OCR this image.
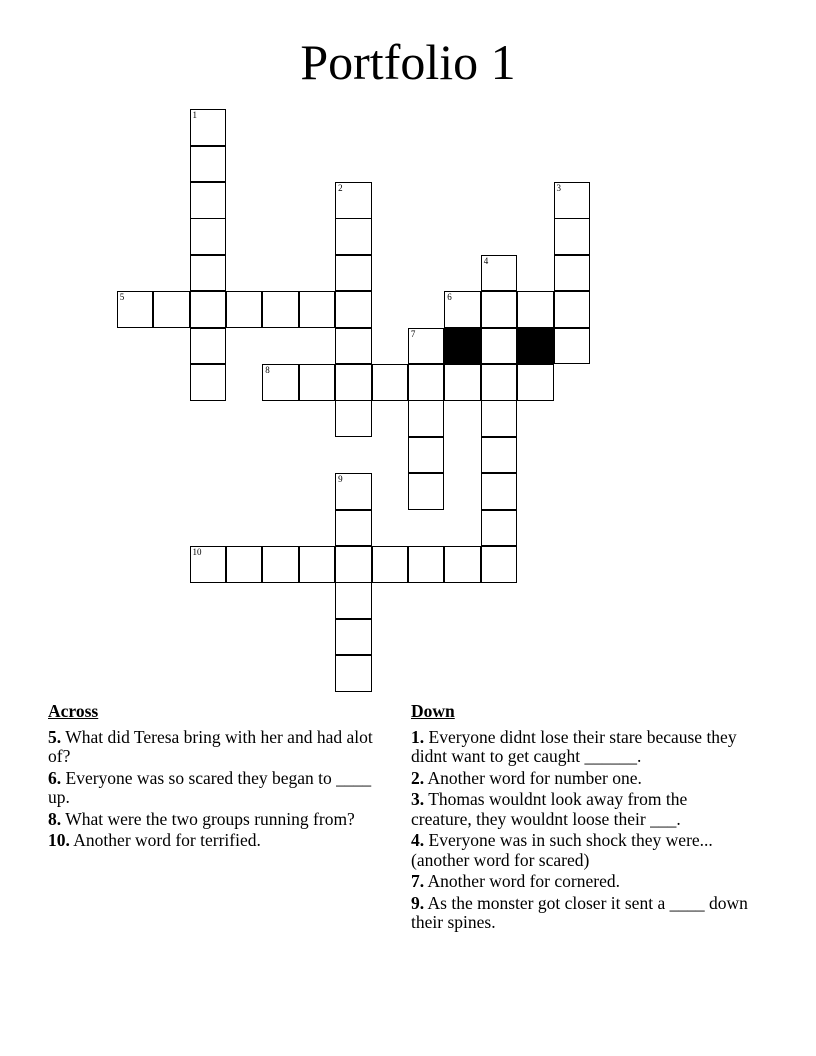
Portfolio 1
1
2	3
4
5	6
7
8
9
10
Across
5. What did Teresa bring with her and had alot of?
6. Everyone was so scared they began to ____ up.
8. What were the two groups running from?
10. Another word for terrified.
Down
1. Everyone didnt lose their stare because they didnt want to get caught ______.
2. Another word for number one.
3. Thomas wouldnt look away from the creature, they wouldnt loose their ___.
4. Everyone was in such shock they were...(another word for scared)
7. Another word for cornered.
9. As the monster got closer it sent a ____ down their spines.
